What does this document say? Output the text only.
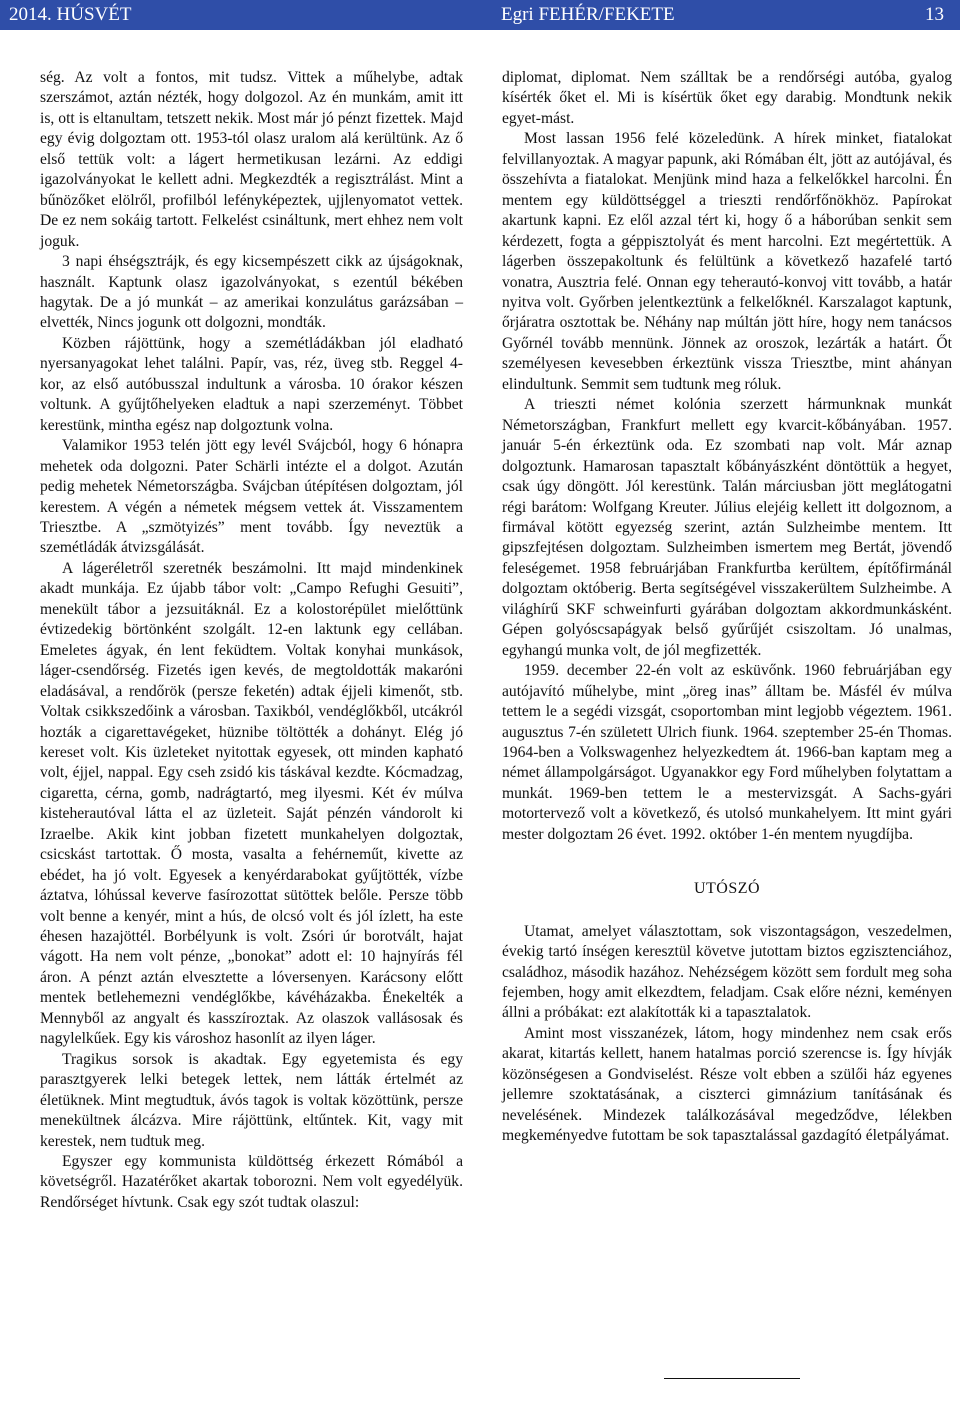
2014. HÚSVÉT	Egri FEHÉR/FEKETE	13

ség. Az volt a fontos, mit tudsz. Vittek a műhelybe, adtak szerszámot, aztán nézték, hogy dolgozol. Az én munkám, amit itt is, ott is eltanultam, tetszett nekik. Most már jó pénzt fizettek. Majd egy évig dolgoztam ott. 1953-tól olasz uralom alá kerültünk. Az ő első tettük volt: a lágert hermetikusan lezárni. Az eddigi igazolványokat le kellett adni. Megkezdték a regisztrálást. Mint a bűnözőket elölről, profilból lefényképeztek, ujjlenyomatot vettek. De ez nem sokáig tartott. Felkelést csináltunk, mert ehhez nem volt joguk.

3 napi éhségsztrájk, és egy kicsempészett cikk az újságoknak, használt. Kaptunk olasz igazolványokat, s ezentúl békében hagytak. De a jó munkát – az amerikai konzulátus garázsában – elvették, Nincs jogunk ott dolgozni, mondták.

Közben rájöttünk, hogy a szemétládákban jól eladható nyersanyagokat lehet találni. Papír, vas, réz, üveg stb. Reggel 4-kor, az első autóbusszal indultunk a városba. 10 órakor készen voltunk. A gyűjtőhelyeken eladtuk a napi szerzeményt. Többet kerestünk, mintha egész nap dolgoztunk volna.

Valamikor 1953 telén jött egy levél Svájcból, hogy 6 hónapra mehetek oda dolgozni. Pater Schärli intézte el a dolgot. Azután pedig mehetek Németországba. Svájcban útépítésen dolgoztam, jól kerestem. A végén a németek mégsem vettek át. Visszamentem Triesztbe. A „szmötyizés” ment tovább. Így neveztük a szemétládák átvizsgálását.

A lágeréletről szeretnék beszámolni. Itt majd mindenkinek akadt munkája. Ez újabb tábor volt: „Campo Refughi Gesuiti”, menekült tábor a jezsuitáknál. Ez a kolostorépület mielőttünk évtizedekig börtönként szolgált. 12-en laktunk egy cellában. Emeletes ágyak, én lent feküdtem. Voltak konyhai munkások, láger-csendőrség. Fizetés igen kevés, de megtoldották makaróni eladásával, a rendőrök (persze feketén) adtak éjjeli kimenőt, stb. Voltak csikkszedőink a városban. Taxikból, vendéglőkből, utcákról hozták a cigarettavégeket, hüznibe töltötték a dohányt. Elég jó kereset volt. Kis üzleteket nyitottak egyesek, ott minden kapható volt, éjjel, nappal. Egy cseh zsidó kis táskával kezdte. Kócmadzag, cigaretta, cérna, gomb, nadrágtartó, meg ilyesmi. Két év múlva kisteherautóval látta el az üzleteit. Saját pénzén vándorolt ki Izraelbe. Akik kint jobban fizetett munkahelyen dolgoztak, csicskást tartottak. Ő mosta, vasalta a fehérneműt, kivette az ebédet, ha jó volt. Egyesek a kenyérdarabokat gyűjtötték, vízbe áztatva, lóhússal keverve fasírozottat sütöttek belőle. Persze több volt benne a kenyér, mint a hús, de olcsó volt és jól ízlett, ha este éhesen hazajöttél. Borbélyunk is volt. Zsóri úr borotvált, hajat vágott. Ha nem volt pénze, „bonokat” adott el: 10 hajnyírás fél áron. A pénzt aztán elvesztette a lóversenyen. Karácsony előtt mentek betlehemezni vendéglőkbe, kávéházakba. Énekelték a Mennyből az angyalt és kasszíroztak. Az olaszok vallásosak és nagylelkűek. Egy kis városhoz hasonlít az ilyen láger.

Tragikus sorsok is akadtak. Egy egyetemista és egy parasztgyerek lelki betegek lettek, nem látták értelmét az életüknek. Mint megtudtuk, ávós tagok is voltak közöttünk, persze menekültnek álcázva. Mire rájöttünk, eltűntek. Kit, vagy mit kerestek, nem tudtuk meg.

Egyszer egy kommunista küldöttség érkezett Rómából a követségről. Hazatérőket akartak toborozni. Nem volt egyedélyük. Rendőrséget hívtunk. Csak egy szót tudtak olaszul:

diplomat, diplomat. Nem szálltak be a rendőrségi autóba, gyalog kísérték őket el. Mi is kísértük őket egy darabig. Mondtunk nekik egyet-mást.

Most lassan 1956 felé közeledünk. A hírek minket, fiatalokat felvillanyoztak. A magyar papunk, aki Rómában élt, jött az autójával, és összehívta a fiatalokat. Menjünk mind haza a felkelőkkel harcolni. Én mentem egy küldöttséggel a trieszti rendőrfőnökhöz. Papírokat akartunk kapni. Ez elől azzal tért ki, hogy ő a háborúban senkit sem kérdezett, fogta a géppisztolyát és ment harcolni. Ezt megértettük. A lágerben összepakoltunk és felültünk a következő hazafelé tartó vonatra, Ausztria felé. Onnan egy teherautó-konvoj vitt tovább, a határ nyitva volt. Győrben jelentkeztünk a felkelőknél. Karszalagot kaptunk, őrjáratra osztottak be. Néhány nap múltán jött híre, hogy nem tanácsos Győrnél tovább mennünk. Jönnek az oroszok, lezárták a határt. Őt személyesen kevesebben érkeztünk vissza Triesztbe, mint ahányan elindultunk. Semmit sem tudtunk meg róluk.

A trieszti német kolónia szerzett hármunknak munkát Németországban, Frankfurt mellett egy kvarcit-kőbányában. 1957. január 5-én érkeztünk oda. Ez szombati nap volt. Már aznap dolgoztunk. Hamarosan tapasztalt kőbányászként döntöttük a hegyet, csak úgy döngött. Jól kerestünk. Talán márciusban jött meglátogatni régi barátom: Wolfgang Kreuter. Július elejéig kellett itt dolgoznom, a firmával kötött egyezség szerint, aztán Sulzheimbe mentem. Itt gipszfejtésen dolgoztam. Sulzheimben ismertem meg Bertát, jövendő feleségemet. 1958 februárjában Frankfurtba kerültem, építőfirmánál dolgoztam októberig. Berta segítségével visszakerültem Sulzheimbe. A világhírű SKF schweinfurti gyárában dolgoztam akkordmunkásként. Gépen golyóscsapágyak belső gyűrűjét csiszoltam. Jó unalmas, egyhangú munka volt, de jól megfizették.

1959. december 22-én volt az esküvőnk. 1960 februárjában egy autójavító műhelybe, mint „öreg inas” álltam be. Másfél év múlva tettem le a segédi vizsgát, csoportomban mint legjobb végeztem. 1961. augusztus 7-én született Ulrich fiunk. 1964. szeptember 25-én Thomas. 1964-ben a Volkswagenhez helyezkedtem át. 1966-ban kaptam meg a német állampolgárságot. Ugyanakkor egy Ford műhelyben folytattam a munkát. 1969-ben tettem le a mestervizsgát. A Sachs-gyári motortervező volt a következő, és utolsó munkahelyem. Itt mint gyári mester dolgoztam 26 évet. 1992. október 1-én mentem nyugdíjba.

UTÓSZÓ

Utamat, amelyet választottam, sok viszontagságon, veszedelmen, évekig tartó ínségen keresztül követve jutottam biztos egzisztenciához, családhoz, második hazához. Nehézségem között sem fordult meg soha fejemben, hogy amit elkezdtem, feladjam. Csak előre nézni, keményen állni a próbákat: ezt alakították ki a tapasztalatok.

Amint most visszanézek, látom, hogy mindenhez nem csak erős akarat, kitartás kellett, hanem hatalmas porció szerencse is. Így hívják közönségesen a Gondviselést. Része volt ebben a szülői ház egyenes jellemre szoktatásának, a ciszterci gimnázium tanításának és nevelésének. Mindezek találkozásával megedződve, lélekben megkeményedve futottam be sok tapasztalással gazdagító életpályámat.
